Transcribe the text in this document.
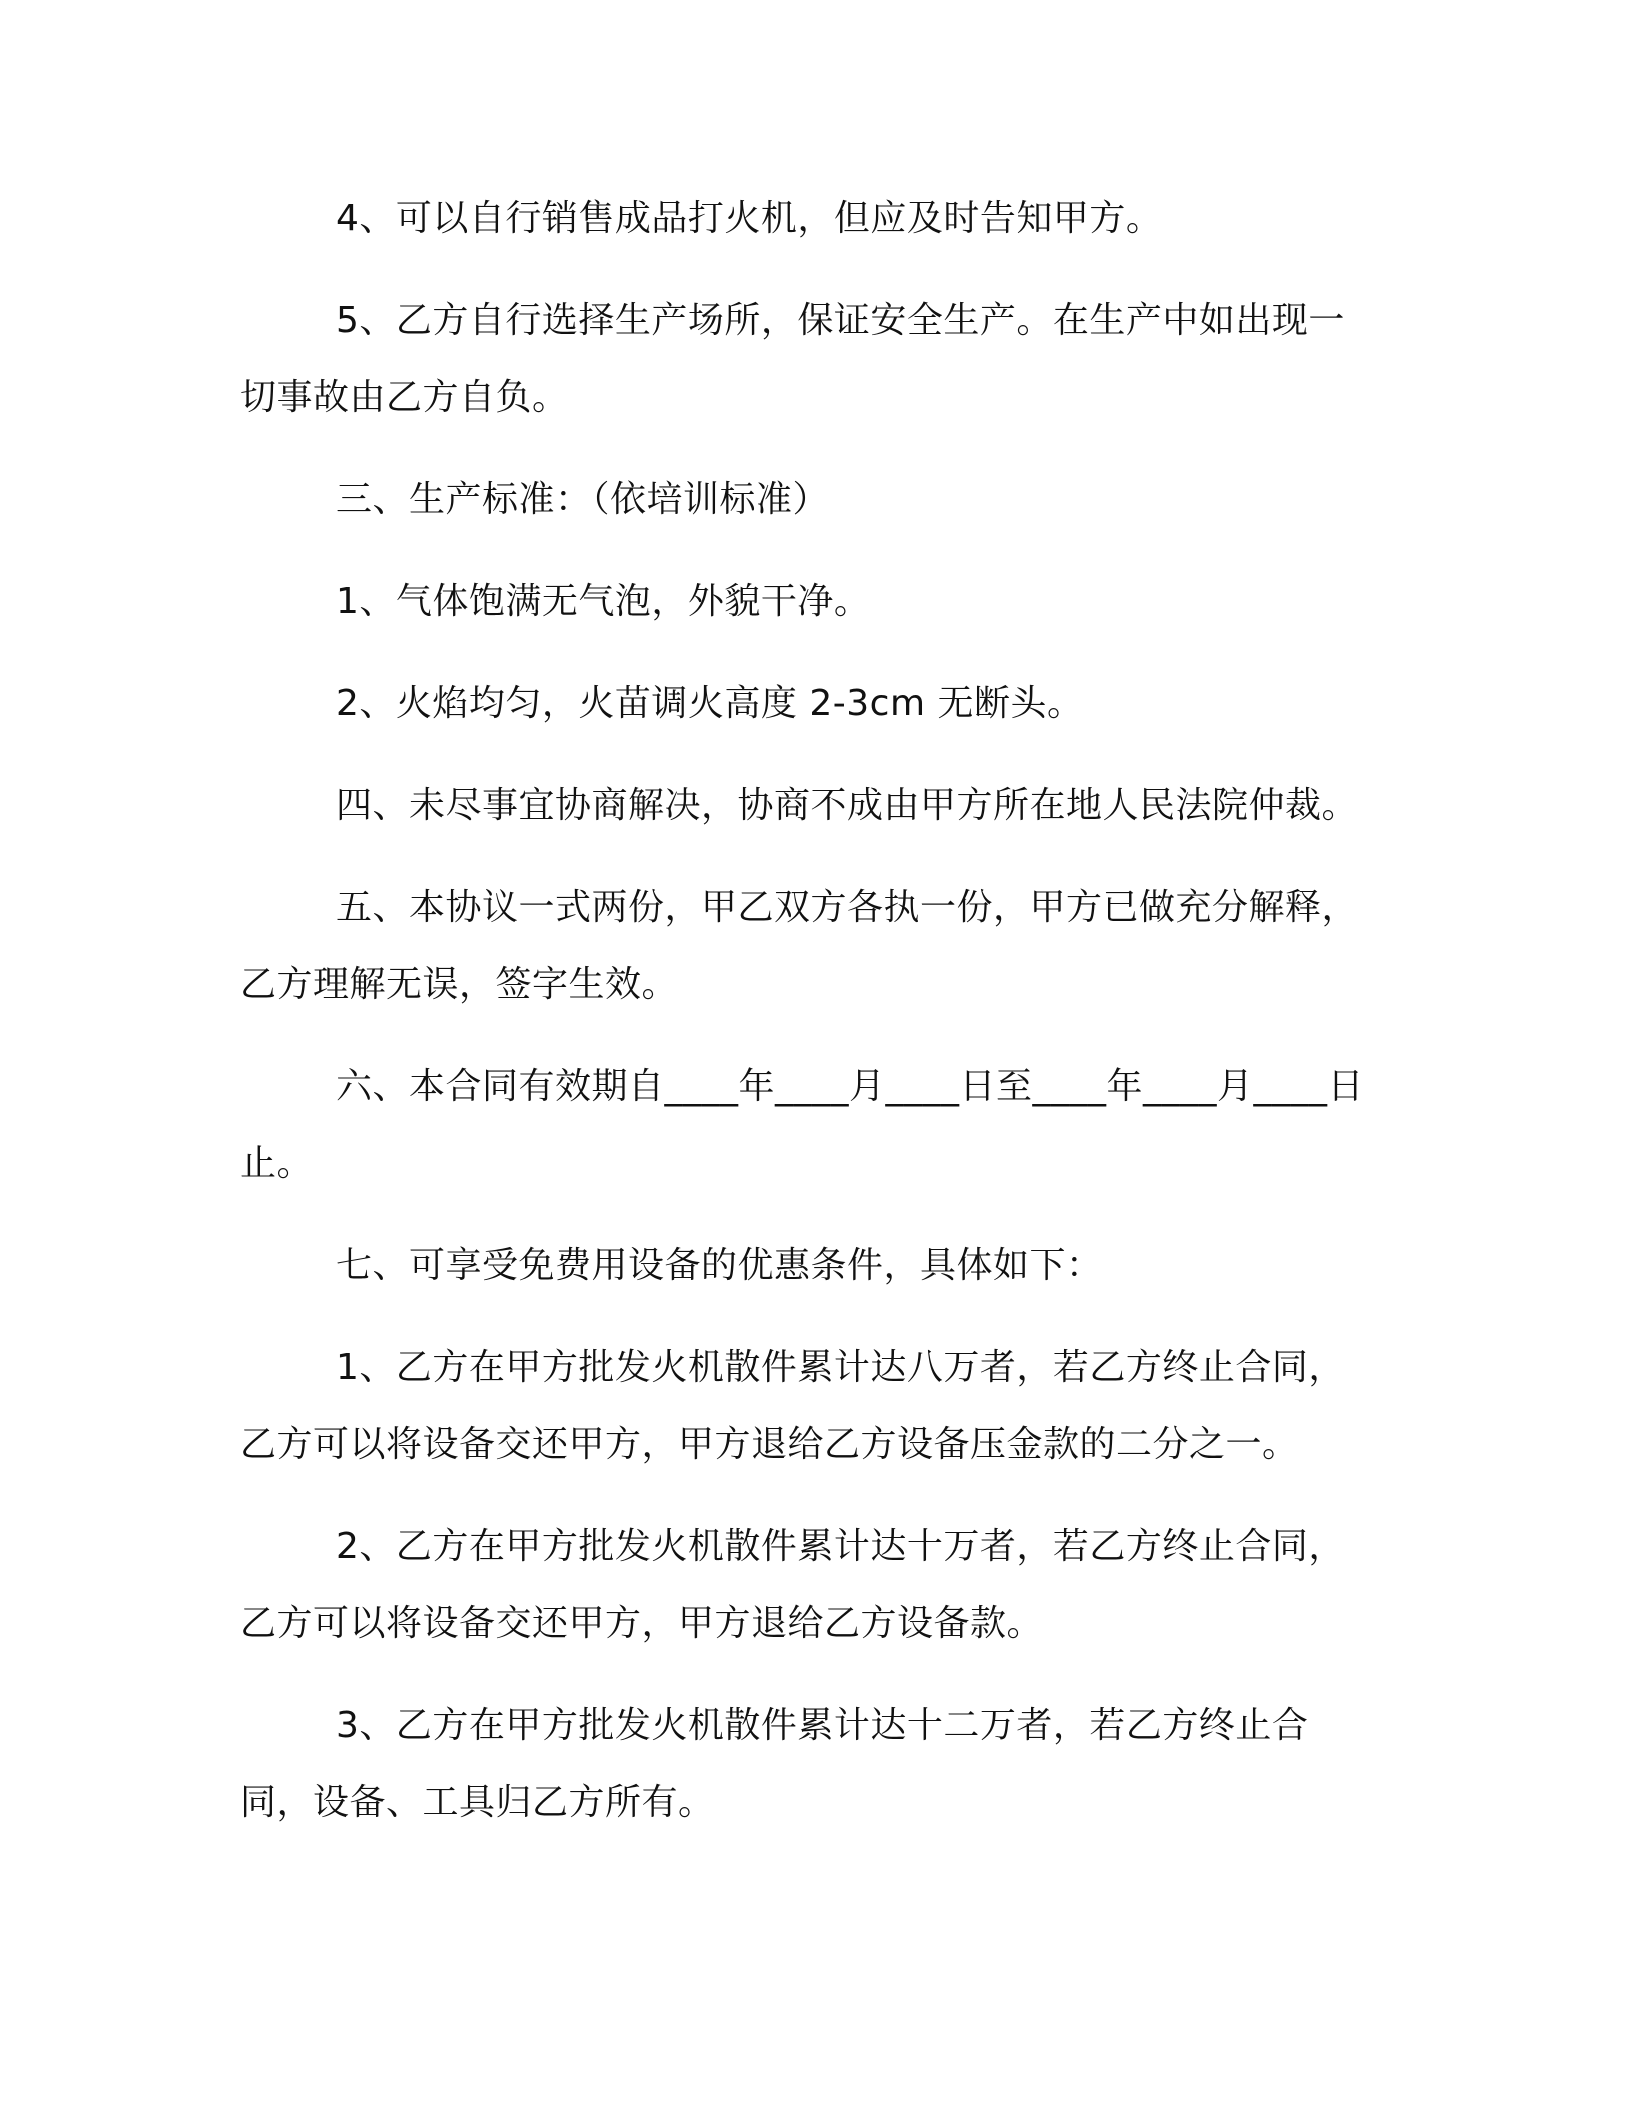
4、可以自行销售成品打火机，但应及时告知甲方。

5、乙方自行选择生产场所，保证安全生产。在生产中如出现一切事故由乙方自负。

三、生产标准：（依培训标准）

1、气体饱满无气泡，外貌干净。

2、火焰均匀，火苗调火高度 2-3cm 无断头。

四、未尽事宜协商解决，协商不成由甲方所在地人民法院仲裁。

五、本协议一式两份，甲乙双方各执一份，甲方已做充分解释，乙方理解无误，签字生效。

六、本合同有效期自____年____月____日至____年____月____日止。

七、可享受免费用设备的优惠条件，具体如下：

1、乙方在甲方批发火机散件累计达八万者，若乙方终止合同，乙方可以将设备交还甲方，甲方退给乙方设备压金款的二分之一。

2、乙方在甲方批发火机散件累计达十万者，若乙方终止合同，乙方可以将设备交还甲方，甲方退给乙方设备款。

3、乙方在甲方批发火机散件累计达十二万者，若乙方终止合同，设备、工具归乙方所有。
